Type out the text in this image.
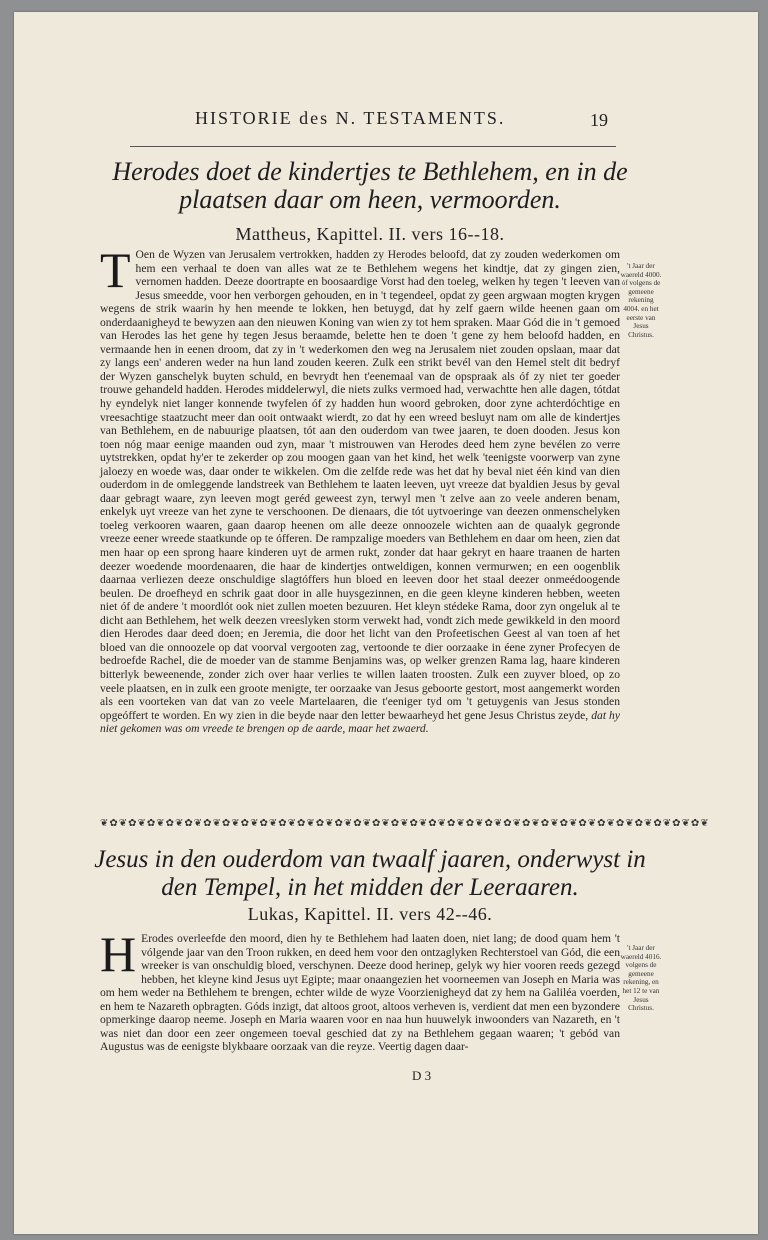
HISTORIE des N. TESTAMENTS.	19
Herodes doet de kindertjes te Bethlehem, en in de plaatsen daar om heen, vermoorden.
Mattheus, Kapittel. II. vers 16--18.
T Oen de Wyzen van Jerusalem vertrokken, hadden zy Herodes beloofd, dat zy zouden wederkomen om hem een verhaal te doen van alles wat ze te Bethlehem wegens het kindtje, dat zy gingen zien, vernomen hadden. Deeze doortrapte en boosaardige Vorst had den toeleg, welken hy tegen 't leeven van Jesus smeedde, voor hen verborgen gehouden, en in 't tegendeel, opdat zy geen argwaan mogten krygen wegens de strik waarin hy hen meende te lokken, hen betuygd, dat hy zelf gaern wilde heenen gaan om onderdaanigheyd te bewyzen aan den nieuwen Koning van wien zy tot hem spraken. Maar Gód die in 't gemoed van Herodes las het gene hy tegen Jesus beraamde, belette hen te doen 't gene zy hem beloofd hadden, en vermaande hen in eenen droom, dat zy in 't wederkomen den weg na Jerusalem niet zouden opslaan, maar dat zy langs een' anderen weder na hun land zouden keeren. Zulk een strikt bevél van den Hemel stelt dit bedryf der Wyzen ganschelyk buyten schuld, en bevrydt hen t'eenemaal van de opspraak als óf zy niet ter goeder trouwe gehandeld hadden. Herodes middelerwyl, die niets zulks vermoed had, verwachtte hen alle dagen, tótdat hy eyndelyk niet langer konnende twyfelen óf zy hadden hun woord gebroken, door zyne achterdóchtige en vreesachtige staatzucht meer dan ooit ontwaakt wierdt, zo dat hy een wreed besluyt nam om alle de kindertjes van Bethlehem, en de nabuurige plaatsen, tót aan den ouderdom van twee jaaren, te doen dooden. Jesus kon toen nóg maar eenige maanden oud zyn, maar 't mistrouwen van Herodes deed hem zyne bevélen zo verre uytstrekken, opdat hy'er te zekerder op zou moogen gaan van het kind, het welk 'teenigste voorwerp van zyne jaloezy en woede was, daar onder te wikkelen. Om die zelfde rede was het dat hy beval niet één kind van dien ouderdom in de omleggende landstreek van Bethlehem te laaten leeven, uyt vreeze dat byaldien Jesus by geval daar gebragt waare, zyn leeven mogt geréd geweest zyn, terwyl men 't zelve aan zo veele anderen benam, enkelyk uyt vreeze van het zyne te verschoonen. De dienaars, die tót uytvoeringe van deezen onmenschelyken toeleg verkooren waaren, gaan daarop heenen om alle deeze onnoozele wichten aan de quaalyk gegronde vreeze eener wreede staatkunde op te ófferen. De rampzalige moeders van Bethlehem en daar om heen, zien dat men haar op een sprong haare kinderen uyt de armen rukt, zonder dat haar gekryt en haare traanen de harten deezer woedende moordenaaren, die haar de kindertjes ontweldigen, konnen vermurwen; en een oogenblik daarnaa verliezen deeze onschuldige slagtóffers hun bloed en leeven door het staal deezer onmeédoogende beulen. De droefheyd en schrik gaat door in alle huysgezinnen, en die geen kleyne kinderen hebben, weeten niet óf de andere 't moordlót ook niet zullen moeten bezuuren. Het kleyn stédeke Rama, door zyn ongeluk al te dicht aan Bethlehem, het welk deezen vreeslyken storm verwekt had, vondt zich mede gewikkeld in den moord dien Herodes daar deed doen; en Jeremia, die door het licht van den Profeetischen Geest al van toen af het bloed van die onnoozele op dat voorval vergooten zag, vertoonde te dier oorzaake in éene zyner Profecyen de bedroefde Rachel, die de moeder van de stamme Benjamins was, op welker grenzen Rama lag, haare kinderen bitterlyk beweenende, zonder zich over haar verlies te willen laaten troosten. Zulk een zuyver bloed, op zo veele plaatsen, en in zulk een groote menigte, ter oorzaake van Jesus geboorte gestort, most aangemerkt worden als een voorteken van dat van zo veele Martelaaren, die t'eeniger tyd om 't getuygenis van Jesus stonden opgeóffert te worden. En wy zien in die beyde naar den letter bewaarheyd het gene Jesus Christus zeyde, dat hy niet gekomen was om vreede te brengen op de aarde, maar het zwaerd.
't Jaar der waereld 4000. óf volgens de gemeene rekening 4004. en het eerste van Jesus Christus.
❦✿❦✿❦✿❦✿❦✿❦✿❦✿❦✿❦✿❦✿❦✿❦✿❦✿❦✿❦✿❦✿❦✿❦✿❦✿❦✿❦✿❦✿❦✿❦✿❦✿❦✿❦✿❦✿❦✿❦✿❦✿❦✿❦
Jesus in den ouderdom van twaalf jaaren, onderwyst in den Tempel, in het midden der Leeraaren.
Lukas, Kapittel. II. vers 42--46.
H Erodes overleefde den moord, dien hy te Bethlehem had laaten doen, niet lang; de dood quam hem 't vólgende jaar van den Troon rukken, en deed hem voor den ontzaglyken Rechterstoel van Gód, die een wreeker is van onschuldig bloed, verschynen. Deeze dood herinep, gelyk wy hier vooren reeds gezegd hebben, het kleyne kind Jesus uyt Egipte; maar onaangezien het voorneemen van Joseph en Maria was om hem weder na Bethlehem te brengen, echter wilde de wyze Voorzienigheyd dat zy hem na Galiléa voerden, en hem te Nazareth opbragten. Góds inzigt, dat altoos groot, altoos verheven is, verdient dat men een byzondere opmerkinge daarop neeme. Joseph en Maria waaren voor en naa hun huuwelyk inwoonders van Nazareth, en 't was niet dan door een zeer ongemeen toeval geschied dat zy na Bethlehem gegaan waaren; 't gebód van Augustus was de eenigste blykbaare oorzaak van die reyze. Veertig dagen daar-
't Jaar der waereld 4016. volgens de gemeene rekening, en het 12 te van Jesus Christus.
D 3
